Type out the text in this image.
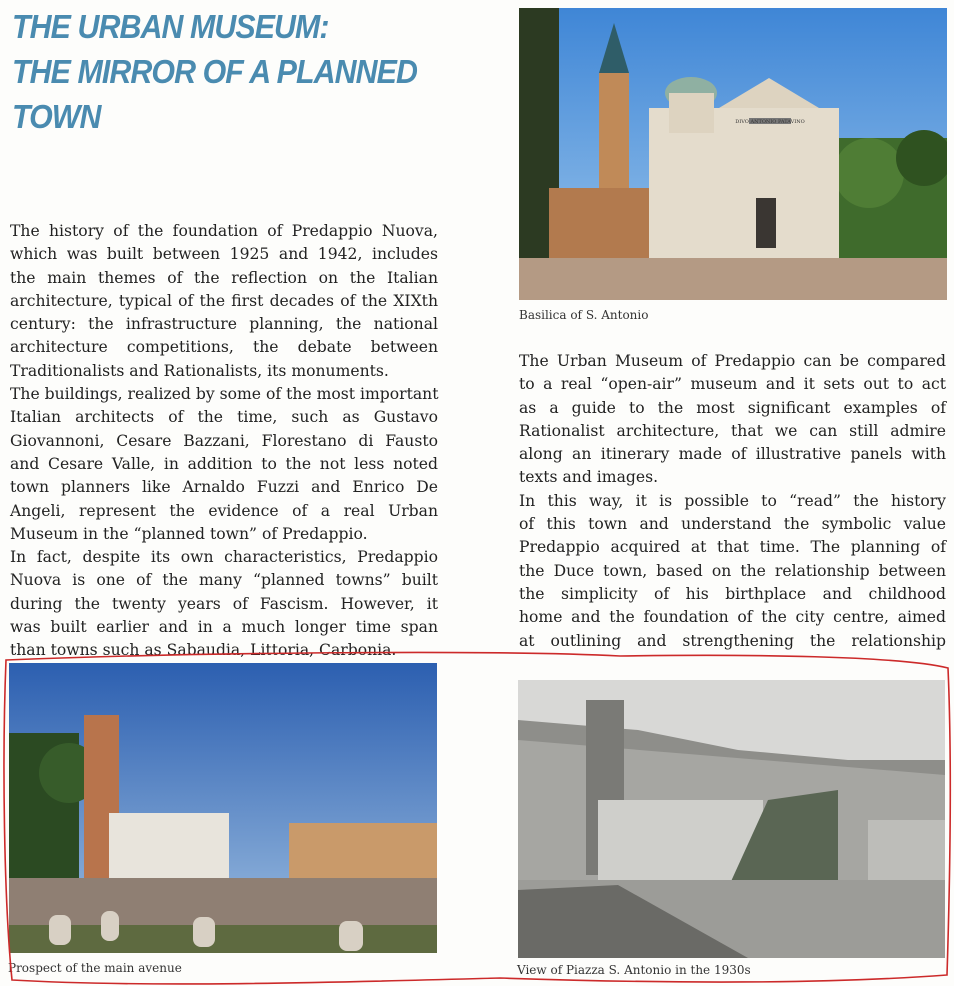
THE URBAN MUSEUM:
THE MIRROR OF A PLANNED
TOWN
The history of the foundation of Predappio Nuova,
which was built between 1925 and 1942, includes
the main themes of the reflection on the Italian
architecture, typical of the first decades of the XIXth
century: the infrastructure planning, the national
architecture competitions, the debate between
Traditionalists and Rationalists, its monuments.
The buildings, realized by some of the most important
Italian architects of the time, such as Gustavo
Giovannoni, Cesare Bazzani, Florestano di Fausto
and Cesare Valle, in addition to the not less noted
town planners like Arnaldo Fuzzi and Enrico De
Angeli, represent the evidence of a real Urban
Museum in the “planned town” of Predappio.
In fact, despite its own characteristics, Predappio
Nuova is one of the many “planned towns” built
during the twenty years of Fascism. However, it
was built earlier and in a much longer time span
than towns such as Sabaudia, Littoria, Carbonia.
The Urban Museum of Predappio can be compared
to a real “open-air” museum and it sets out to act
as a guide to the most significant examples of
Rationalist architecture, that we can still admire
along an itinerary made of illustrative panels with
texts and images.
In this way, it is possible to “read” the history
of this town and understand the symbolic value
Predappio acquired at that time. The planning of
the Duce town, based on the relationship between
the simplicity of his birthplace and childhood
home and the foundation of the city centre, aimed
at outlining and strengthening the relationship
DIVO ANTONIO PATAVINO
Basilica of S. Antonio
Prospect of the main avenue	View of Piazza S. Antonio in the 1930s
